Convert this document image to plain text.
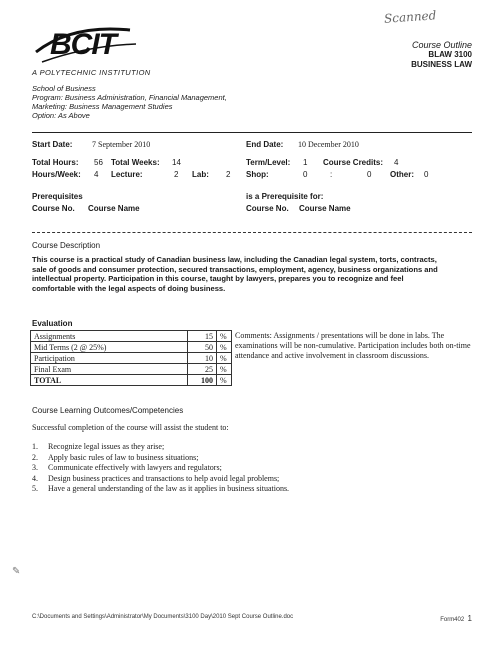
Scanned
BCIT
A POLYTECHNIC INSTITUTION
Course Outline
BLAW 3100
BUSINESS LAW
School of Business
Program: Business Administration, Financial Management,
Marketing: Business Management Studies
Option: As Above
Start Date: 7 September 2010	End Date: 10 December 2010
Total Hours: 56 Total Weeks: 14	Term/Level: 1 Course Credits: 4
Hours/Week: 4 Lecture:	2 Lab: 2 Shop:	0	:	0 Other: 0
Prerequisites	is a Prerequisite for:
Course No. Course Name	Course No. Course Name
Course Description
This course is a practical study of Canadian business law, including the Canadian legal system, torts, contracts, sale of goods and consumer protection, secured transactions, employment, agency, business organizations and intellectual property. Participation in this course, taught by lawyers, prepares you to recognize and feel comfortable with the legal aspects of doing business.
Evaluation
Assignments	15	%	Comments: Assignments / presentations will be done in labs. The examinations will be non-cumulative. Participation includes both on-time attendance and active involvement in classroom discussions.
Mid Terms (2 @ 25%)	50	%	
Participation	10	%	
Final Exam	25	%	
TOTAL	100	%	
Course Learning Outcomes/Competencies
Successful completion of the course will assist the student to:
1. Recognize legal issues as they arise;
2. Apply basic rules of law to business situations;
3. Communicate effectively with lawyers and regulators;
4. Design business practices and transactions to help avoid legal problems;
5. Have a general understanding of the law as it applies in business situations.
✎
C:\Documents and Settings\Administrator\My Documents\3100 Day\2010 Sept Course Outline.doc	Form402 1
